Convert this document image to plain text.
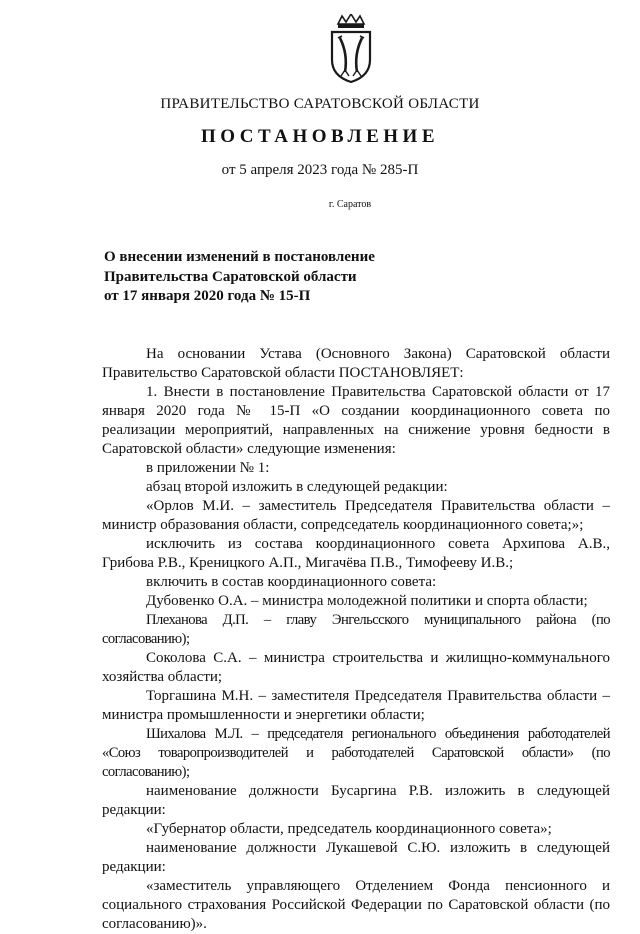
ПРАВИТЕЛЬСТВО САРАТОВСКОЙ ОБЛАСТИ
ПОСТАНОВЛЕНИЕ
от 5 апреля 2023 года № 285-П
г. Саратов
О внесении изменений в постановление
Правительства Саратовской области
от 17 января 2020 года № 15-П

На основании Устава (Основного Закона) Саратовской области Правительство Саратовской области ПОСТАНОВЛЯЕТ:

1. Внести в постановление Правительства Саратовской области от 17 января 2020 года № 15-П «О создании координационного совета по реализации мероприятий, направленных на снижение уровня бедности в Саратовской области» следующие изменения:

в приложении № 1:

абзац второй изложить в следующей редакции:

«Орлов М.И. – заместитель Председателя Правительства области – министр образования области, сопредседатель координационного совета;»;

исключить из состава координационного совета Архипова А.В., Грибова Р.В., Креницкого А.П., Мигачёва П.В., Тимофееву И.В.;

включить в состав координационного совета:

Дубовенко О.А. – министра молодежной политики и спорта области;

Плеханова Д.П. – главу Энгельсского муниципального района (по согласованию);

Соколова С.А. – министра строительства и жилищно-коммунального хозяйства области;

Торгашина М.Н. – заместителя Председателя Правительства области – министра промышленности и энергетики области;

Шихалова М.Л. – председателя регионального объединения работодателей «Союз товаропроизводителей и работодателей Саратовской области» (по согласованию);

наименование должности Бусаргина Р.В. изложить в следующей редакции:

«Губернатор области, председатель координационного совета»;

наименование должности Лукашевой С.Ю. изложить в следующей редакции:

«заместитель управляющего Отделением Фонда пенсионного и социального страхования Российской Федерации по Саратовской области (по согласованию)».
